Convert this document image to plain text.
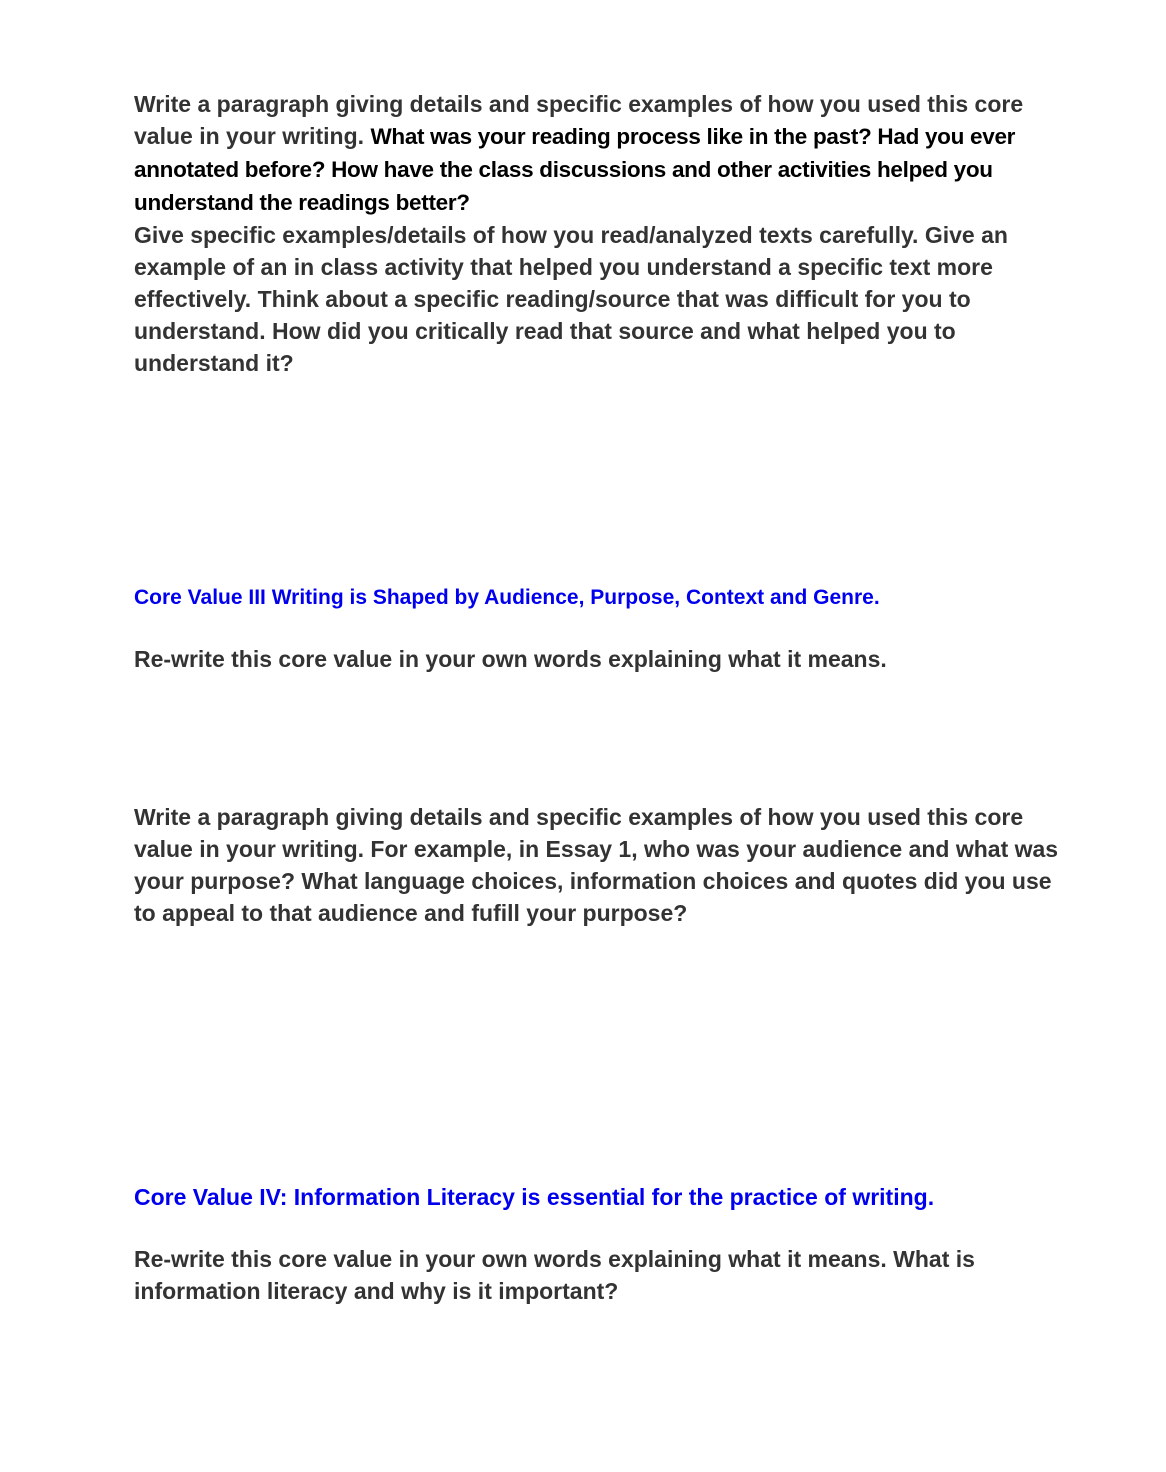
Write a paragraph giving details and specific examples of how you used this core value in your writing. What was your reading process like in the past? Had you ever annotated before? How have the class discussions and other activities helped you understand the readings better?

Give specific examples/details of how you read/analyzed texts carefully. Give an example of an in class activity that helped you understand a specific text more effectively. Think about a specific reading/source that was difficult for you to understand. How did you critically read that source and what helped you to understand it?

Core Value III Writing is Shaped by Audience, Purpose, Context and Genre.

Re-write this core value in your own words explaining what it means.

Write a paragraph giving details and specific examples of how you used this core value in your writing. For example, in Essay 1, who was your audience and what was your purpose? What language choices, information choices and quotes did you use to appeal to that audience and fufill your purpose?

Core Value IV: Information Literacy is essential for the practice of writing.

Re-write this core value in your own words explaining what it means. What is information literacy and why is it important?
